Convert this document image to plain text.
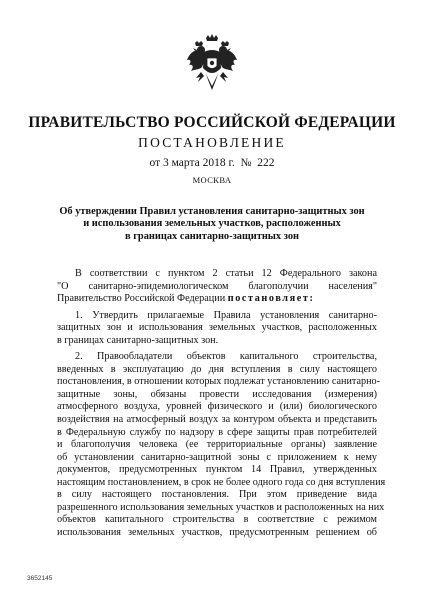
ПРАВИТЕЛЬСТВО РОССИЙСКОЙ ФЕДЕРАЦИИ
ПОСТАНОВЛЕНИЕ
от 3 марта 2018 г.  №  222
МОСКВА
Об утверждении Правил установления санитарно-защитных зон
и использования земельных участков, расположенных
в границах санитарно-защитных зон
В соответствии с пунктом 2 статьи 12 Федерального закона
"О санитарно-эпидемиологическом благополучии населения"
Правительство Российской Федерации постановляет:
1. Утвердить прилагаемые Правила установления санитарно-
защитных зон и использования земельных участков, расположенных
в границах санитарно-защитных зон.
2. Правообладатели объектов капитального строительства,
введенных в эксплуатацию до дня вступления в силу настоящего
постановления, в отношении которых подлежат установлению санитарно-
защитные зоны, обязаны провести исследования (измерения)
атмосферного воздуха, уровней физического и (или) биологического
воздействия на атмосферный воздух за контуром объекта и представить
в Федеральную службу по надзору в сфере защиты прав потребителей
и благополучия человека (ее территориальные органы) заявление
об установлении санитарно-защитной зоны с приложением к нему
документов, предусмотренных пунктом 14 Правил, утвержденных
настоящим постановлением, в срок не более одного года со дня вступления
в силу настоящего постановления. При этом приведение вида
разрешенного использования земельных участков и расположенных на них
объектов капитального строительства в соответствие с режимом
использования земельных участков, предусмотренным решением об
3652145
